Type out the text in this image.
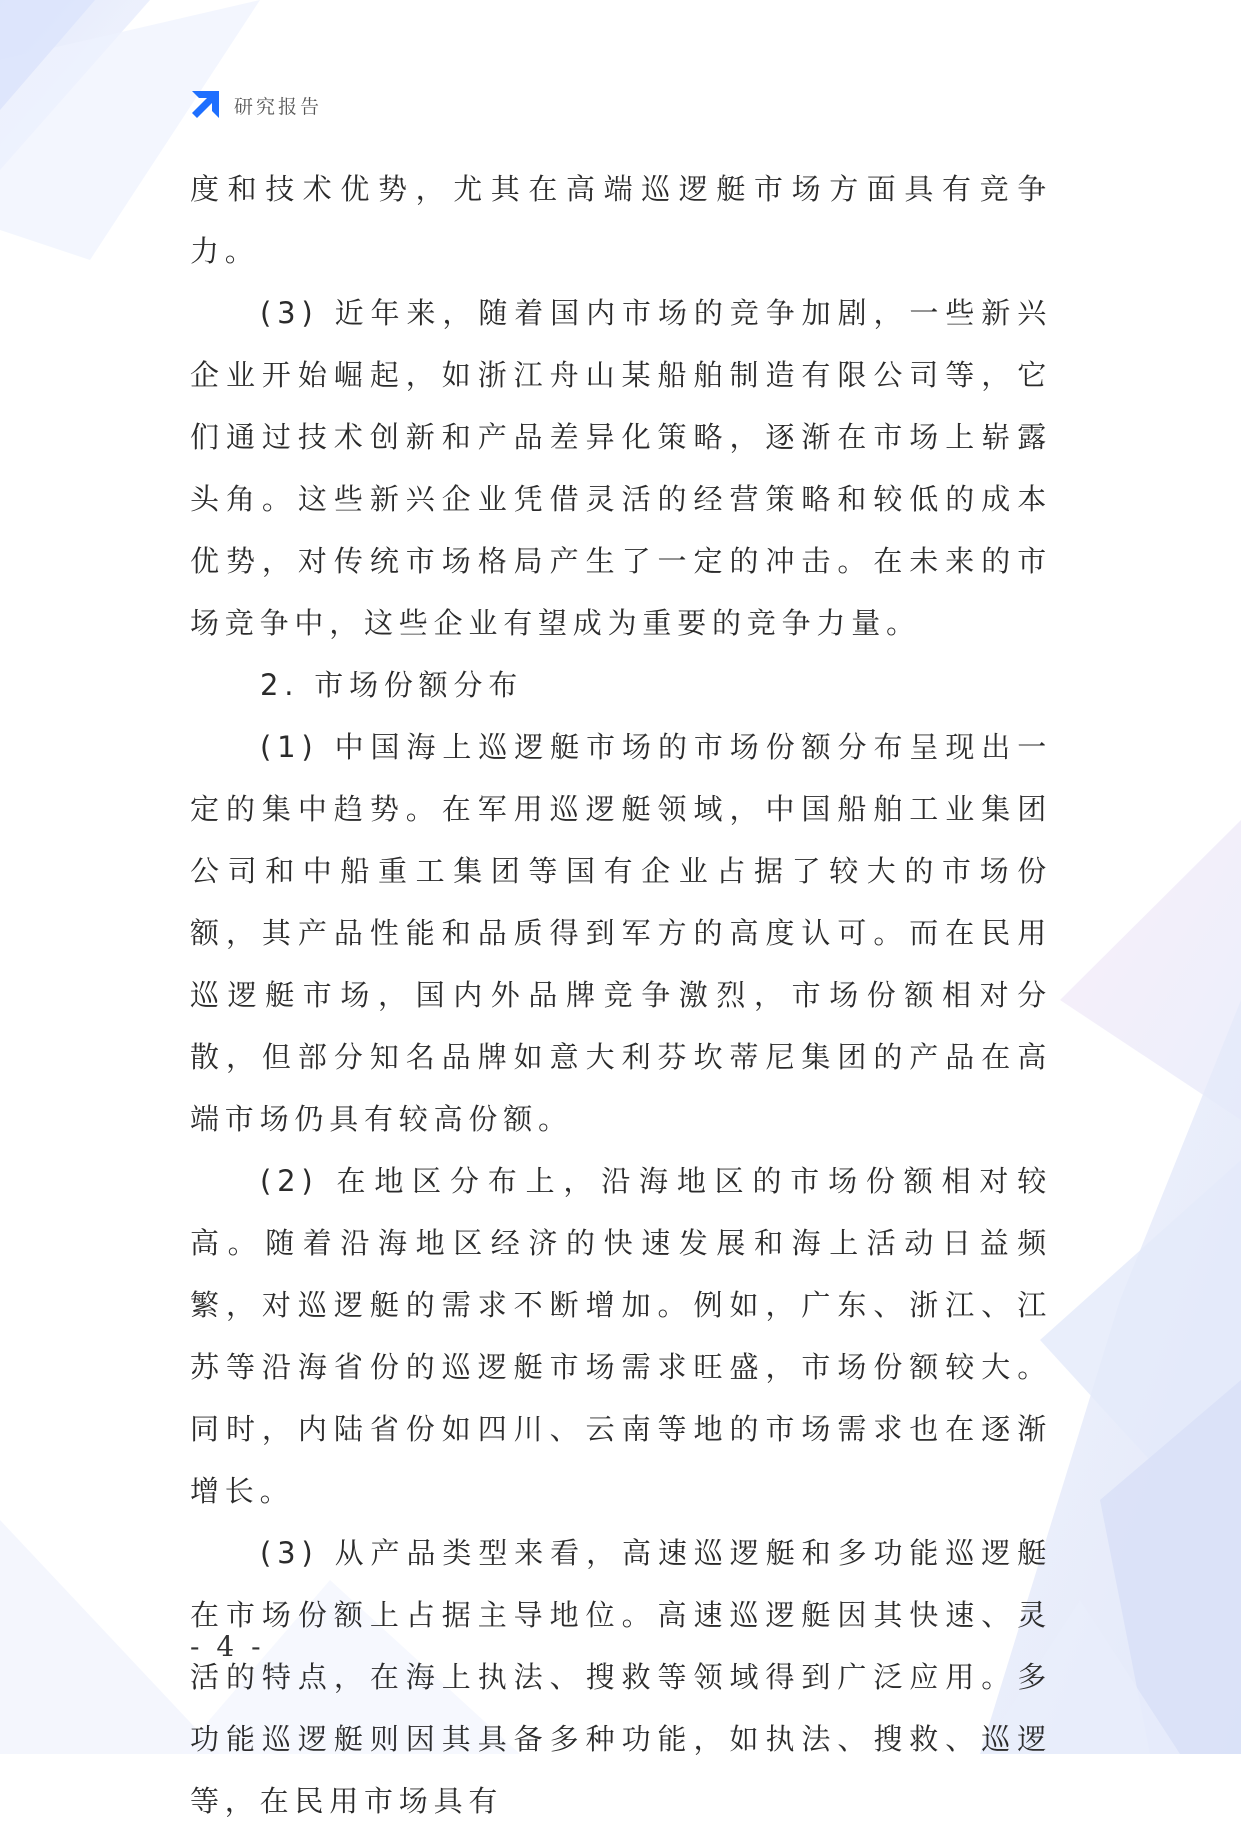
研究报告

度和技术优势，尤其在高端巡逻艇市场方面具有竞争力。

(3) 近年来，随着国内市场的竞争加剧，一些新兴企业开始崛起，如浙江舟山某船舶制造有限公司等，它们通过技术创新和产品差异化策略，逐渐在市场上崭露头角。这些新兴企业凭借灵活的经营策略和较低的成本优势，对传统市场格局产生了一定的冲击。在未来的市场竞争中，这些企业有望成为重要的竞争力量。

2. 市场份额分布

(1) 中国海上巡逻艇市场的市场份额分布呈现出一定的集中趋势。在军用巡逻艇领域，中国船舶工业集团公司和中船重工集团等国有企业占据了较大的市场份额，其产品性能和品质得到军方的高度认可。而在民用巡逻艇市场，国内外品牌竞争激烈，市场份额相对分散，但部分知名品牌如意大利芬坎蒂尼集团的产品在高端市场仍具有较高份额。

(2) 在地区分布上，沿海地区的市场份额相对较高。随着沿海地区经济的快速发展和海上活动日益频繁，对巡逻艇的需求不断增加。例如，广东、浙江、江苏等沿海省份的巡逻艇市场需求旺盛，市场份额较大。同时，内陆省份如四川、云南等地的市场需求也在逐渐增长。

(3) 从产品类型来看，高速巡逻艇和多功能巡逻艇在市场份额上占据主导地位。高速巡逻艇因其快速、灵活的特点，在海上执法、搜救等领域得到广泛应用。多功能巡逻艇则因其具备多种功能，如执法、搜救、巡逻等，在民用市场具有

- 4 -
